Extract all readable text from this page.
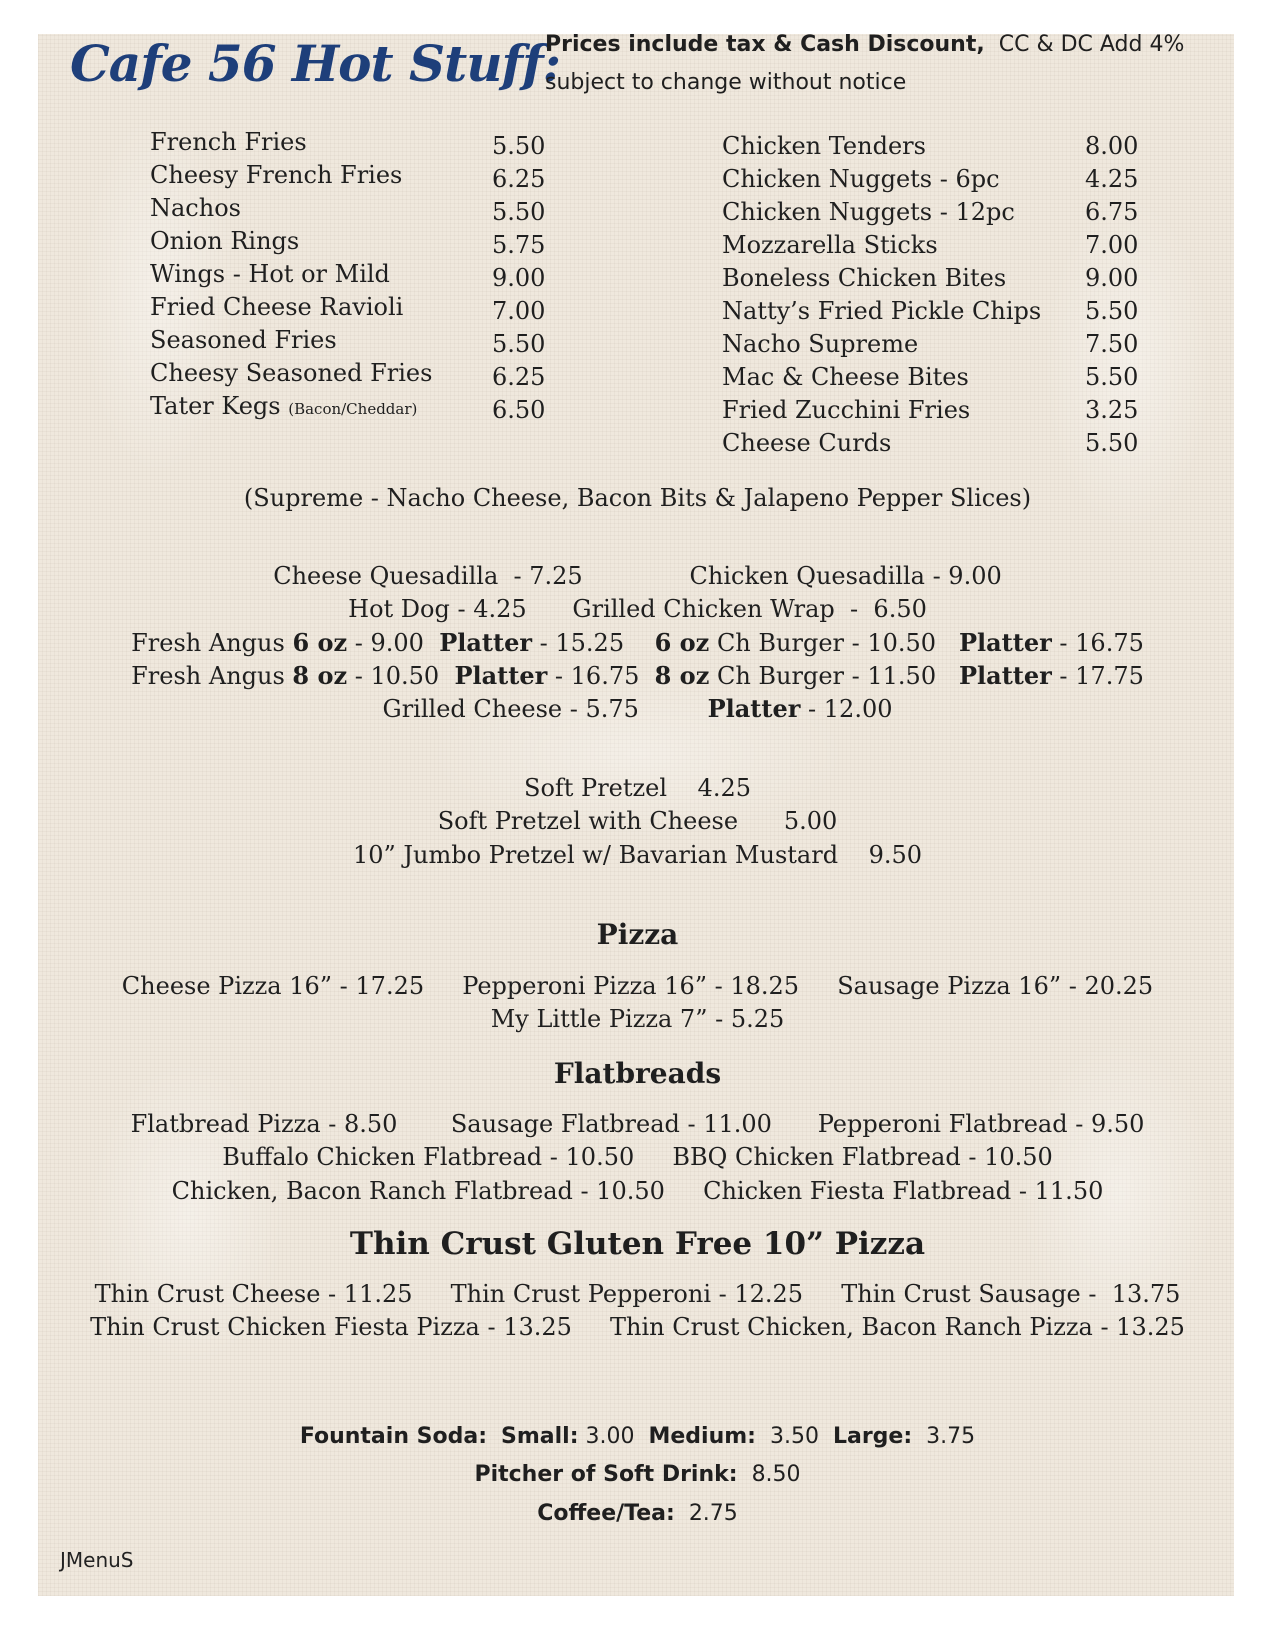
Cafe 56 Hot Stuff:
Prices include tax & Cash Discount, CC & DC Add 4%
subject to change without notice
French Fries	5.50
Cheesy French Fries	6.25
Nachos	5.50
Onion Rings	5.75
Wings - Hot or Mild	9.00
Fried Cheese Ravioli	7.00
Seasoned Fries	5.50
Cheesy Seasoned Fries 6.25
Tater Kegs (Bacon/Cheddar)	6.50
Chicken Tenders	8.00
Chicken Nuggets - 6pc	4.25
Chicken Nuggets - 12pc	6.75
Mozzarella Sticks	7.00
Boneless Chicken Bites	9.00
Natty’s Fried Pickle Chips 5.50
Nacho Supreme	7.50
Mac & Cheese Bites	5.50
Fried Zucchini Fries	3.25
Cheese Curds	5.50
(Supreme - Nacho Cheese, Bacon Bits & Jalapeno Pepper Slices)
Cheese Quesadilla  - 7.25              Chicken Quesadilla - 9.00
Hot Dog - 4.25      Grilled Chicken Wrap  -  6.50
Fresh Angus 6 oz - 9.00  Platter - 15.25    6 oz Ch Burger - 10.50   Platter - 16.75
Fresh Angus 8 oz - 10.50  Platter - 16.75  8 oz Ch Burger - 11.50   Platter - 17.75
Grilled Cheese - 5.75         Platter - 12.00
Soft Pretzel    4.25
Soft Pretzel with Cheese      5.00
10” Jumbo Pretzel w/ Bavarian Mustard    9.50
Pizza
Cheese Pizza 16” - 17.25     Pepperoni Pizza 16” - 18.25     Sausage Pizza 16” - 20.25
My Little Pizza 7” - 5.25
Flatbreads
Flatbread Pizza - 8.50       Sausage Flatbread - 11.00      Pepperoni Flatbread - 9.50
Buffalo Chicken Flatbread - 10.50     BBQ Chicken Flatbread - 10.50
Chicken, Bacon Ranch Flatbread - 10.50     Chicken Fiesta Flatbread - 11.50
Thin Crust Gluten Free 10” Pizza
Thin Crust Cheese - 11.25     Thin Crust Pepperoni - 12.25     Thin Crust Sausage -  13.75
Thin Crust Chicken Fiesta Pizza - 13.25     Thin Crust Chicken, Bacon Ranch Pizza - 13.25
Fountain Soda: Small: 3.00 Medium: 3.50 Large: 3.75
Pitcher of Soft Drink: 8.50
Coffee/Tea: 2.75
JMenuS
